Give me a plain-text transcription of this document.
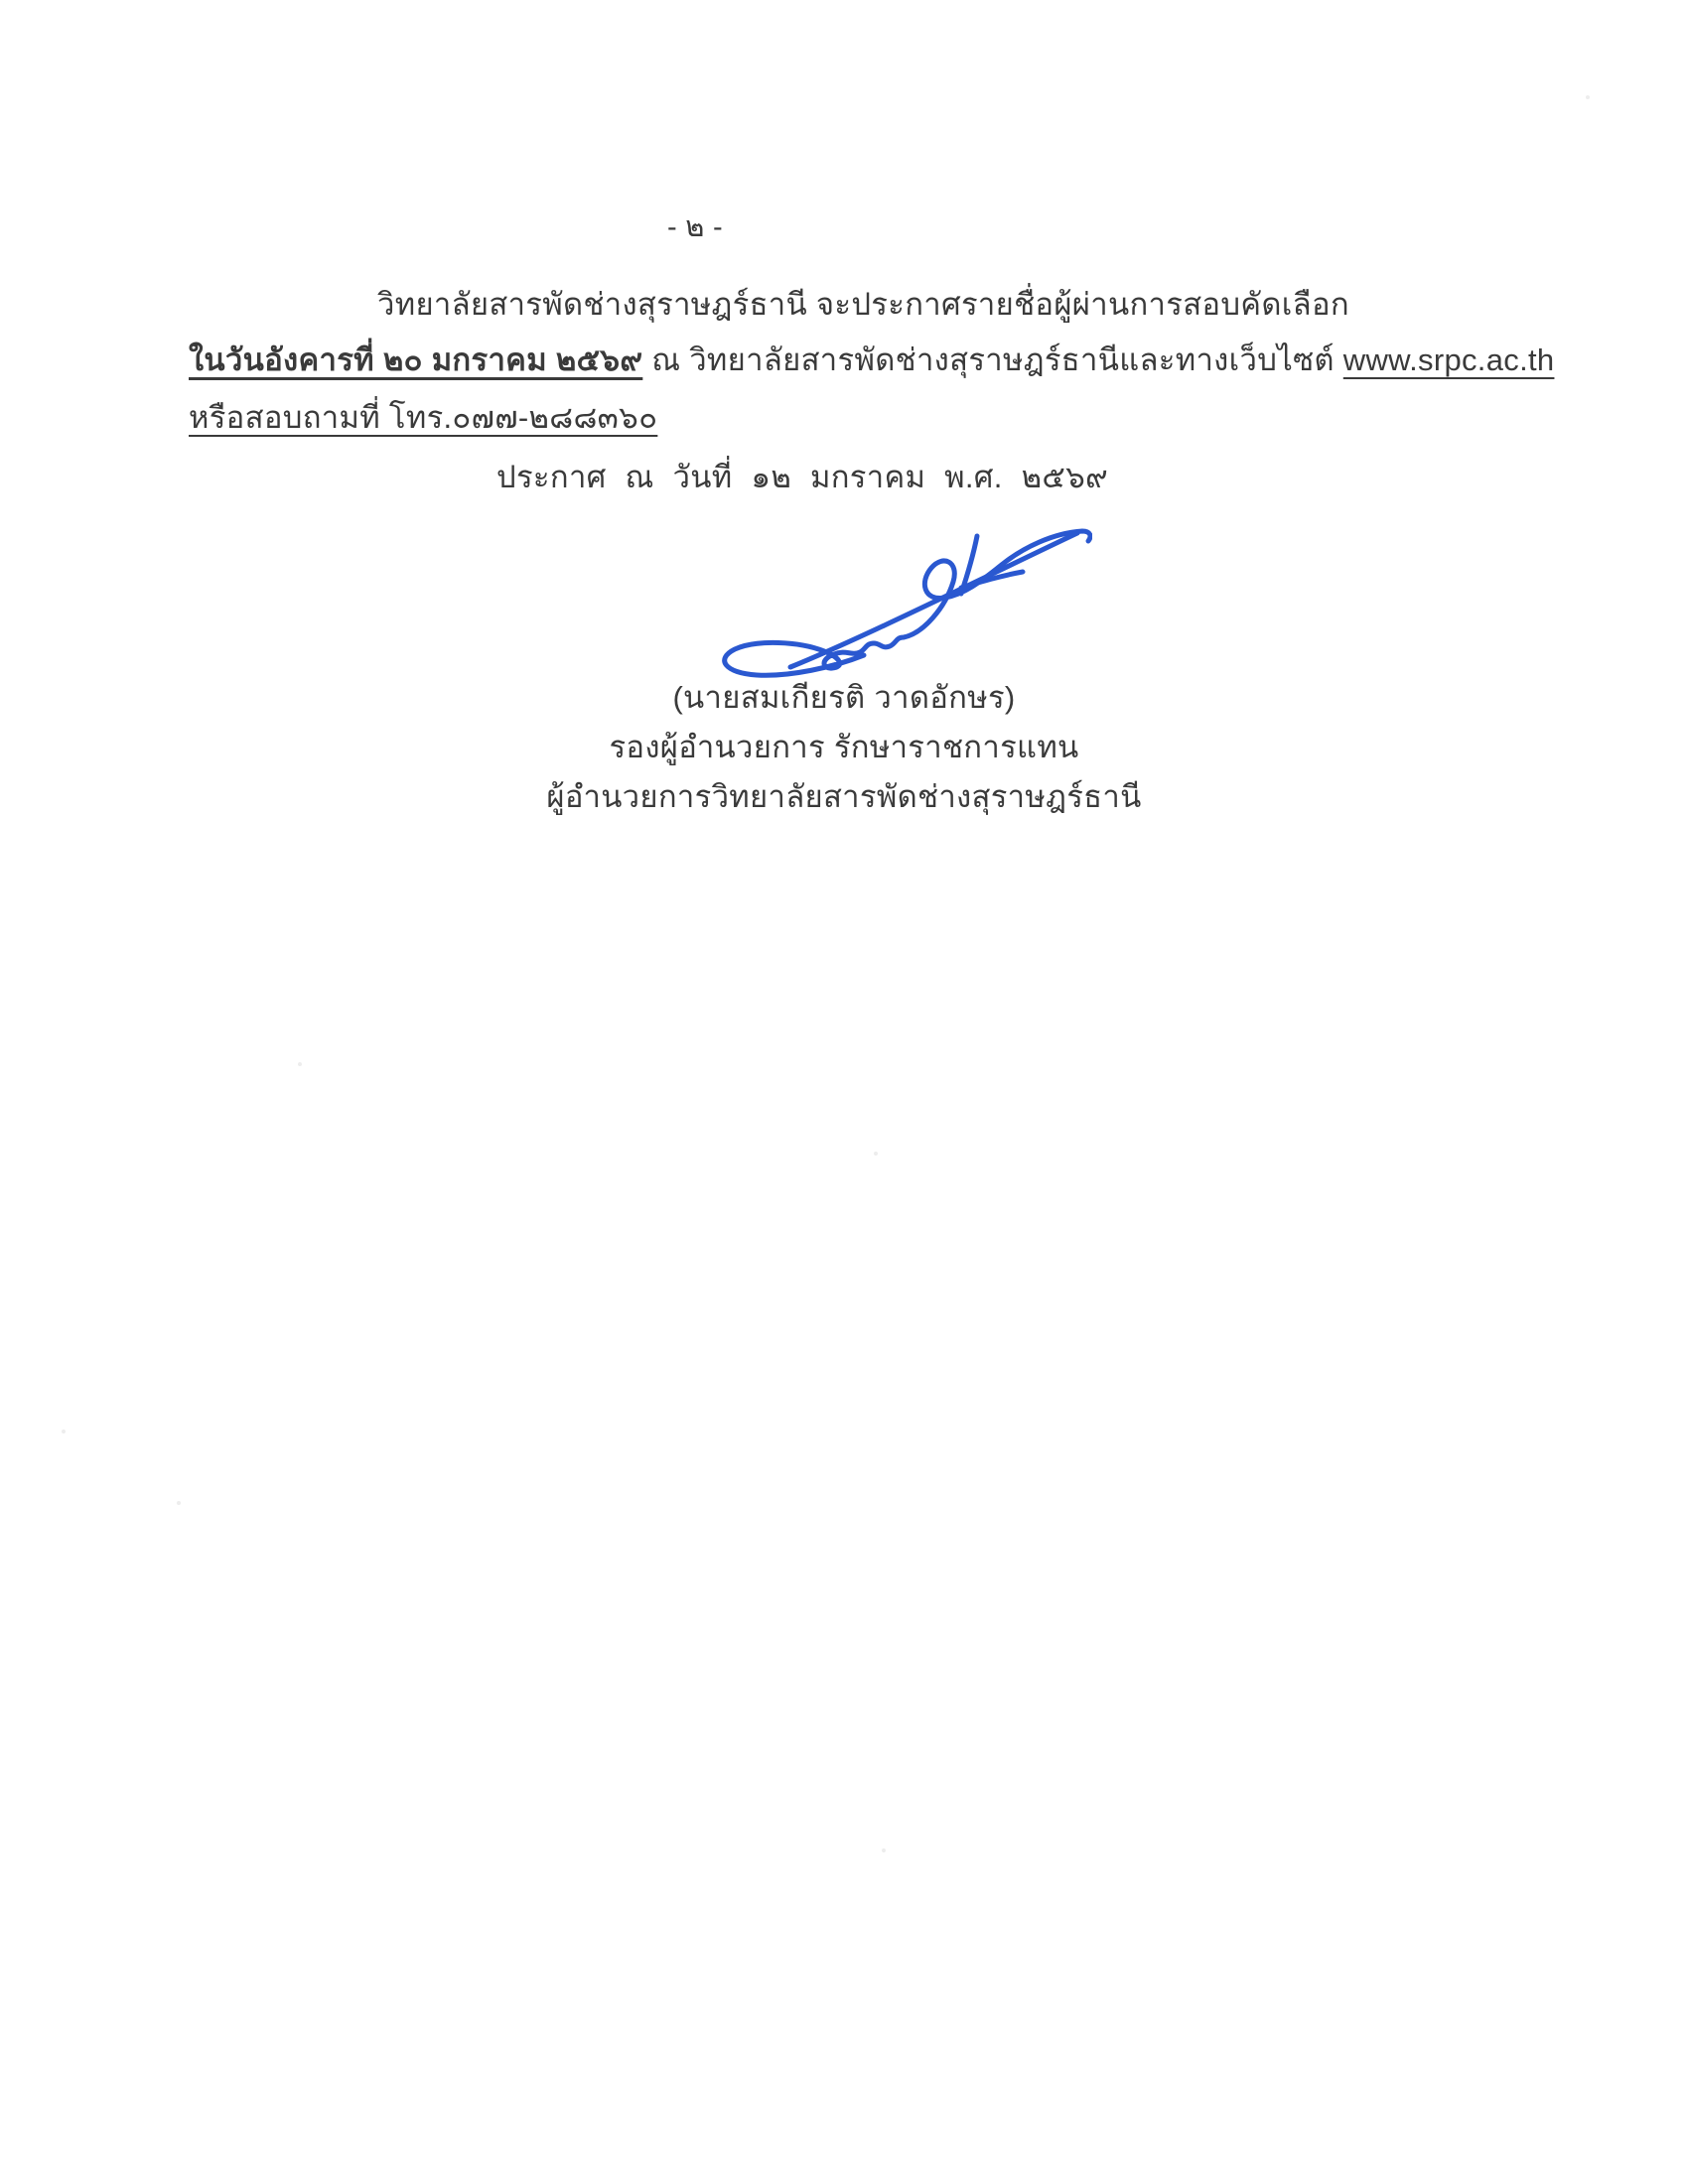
- ๒ -
วิทยาลัยสารพัดช่างสุราษฎร์ธานี จะประกาศรายชื่อผู้ผ่านการสอบคัดเลือก
ในวันอังคารที่ ๒๐ มกราคม ๒๕๖๙ ณ วิทยาลัยสารพัดช่างสุราษฎร์ธานีและทางเว็บไซต์ www.srpc.ac.th
หรือสอบถามที่ โทร.๐๗๗-๒๘๘๓๖๐
ประกาศ ณ วันที่ ๑๒ มกราคม พ.ศ. ๒๕๖๙
(นายสมเกียรติ วาดอักษร)
รองผู้อำนวยการ รักษาราชการแทน
ผู้อำนวยการวิทยาลัยสารพัดช่างสุราษฎร์ธานี
